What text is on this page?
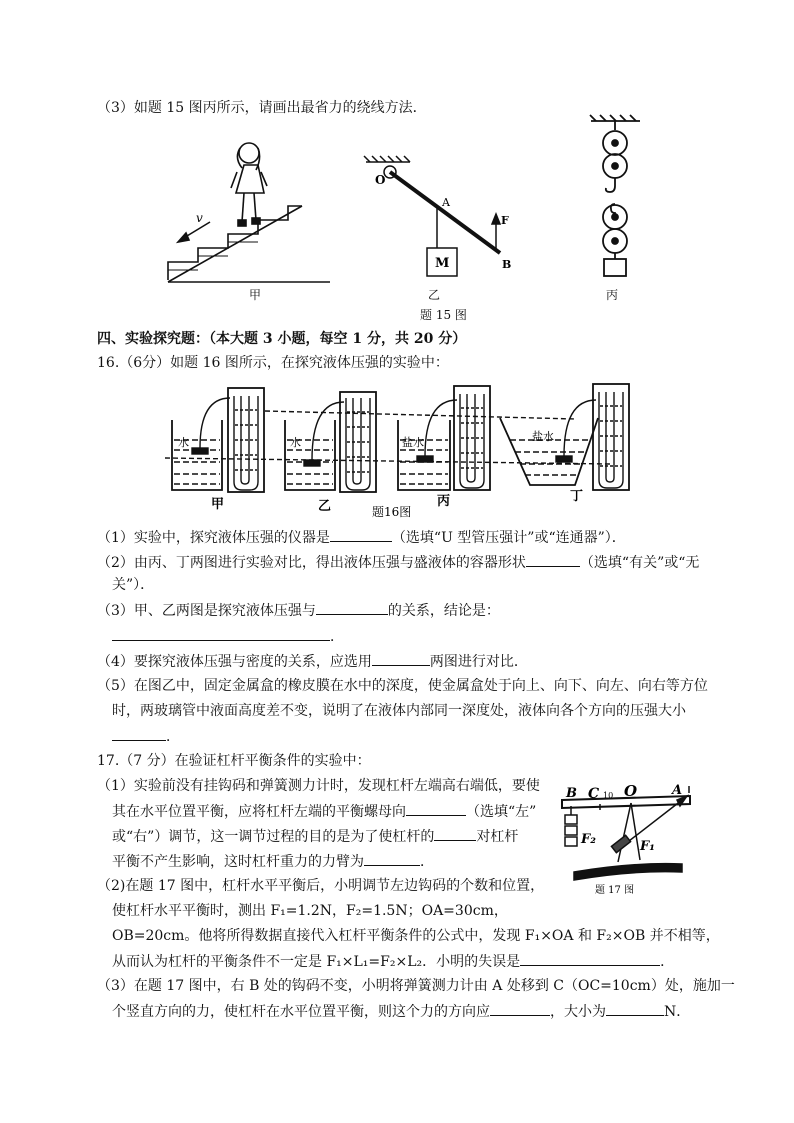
（3）如题 15 图丙所示，请画出最省力的绕线方法．
v
O
A
B
F
M
甲	乙	丙
题 15 图
四、实验探究题：（本大题 3 小题，每空 1 分，共 20 分）
16.（6分）如题 16 图所示，在探究液体压强的实验中：
水	水	盐水	盐水
甲	乙	丙	丁
题16图
（1）实验中，探究液体压强的仪器是	（选填“U 型管压强计”或“连通器”）．
（2）由丙、丁两图进行实验对比，得出液体压强与盛液体的容器形状	（选填“有关”或“无
关”）．
（3）甲、乙两图是探究液体压强与	的关系，结论是：
．
（4）要探究液体压强与密度的关系，应选用	两图进行对比．
（5）在图乙中，固定金属盒的橡皮膜在水中的深度，使金属盒处于向上、向下、向左、向右等方位
时，两玻璃管中液面高度差不变，说明了在液体内部同一深度处，液体向各个方向的压强大小
．
17.（7 分）在验证杠杆平衡条件的实验中：
（1）实验前没有挂钩码和弹簧测力计时，发现杠杆左端高右端低，要使
其在水平位置平衡，应将杠杆左端的平衡螺母向	（选填“左”
或“右”）调节，这一调节过程的目的是为了使杠杆的	对杠杆
平衡不产生影响，这时杠杆重力的力臂为	．
（2)在题 17 图中，杠杆水平平衡后，小明调节左边钩码的个数和位置，
使杠杆水平平衡时，测出 F₁=1.2N，F₂=1.5N；OA=30cm，
OB=20cm。他将所得数据直接代入杠杆平衡条件的公式中，发现 F₁×OA 和 F₂×OB 并不相等，
从而认为杠杆的平衡条件不一定是 F₁×L₁=F₂×L₂．小明的失误是	．
（3）在题 17 图中，右 B 处的钩码不变，小明将弹簧测力计由 A 处移到 C（OC=10cm）处，施加一
个竖直方向的力，使杠杆在水平位置平衡，则这个力的方向应	，大小为	N．
B C 10 O	A
F₂	F₁
题 17 图
